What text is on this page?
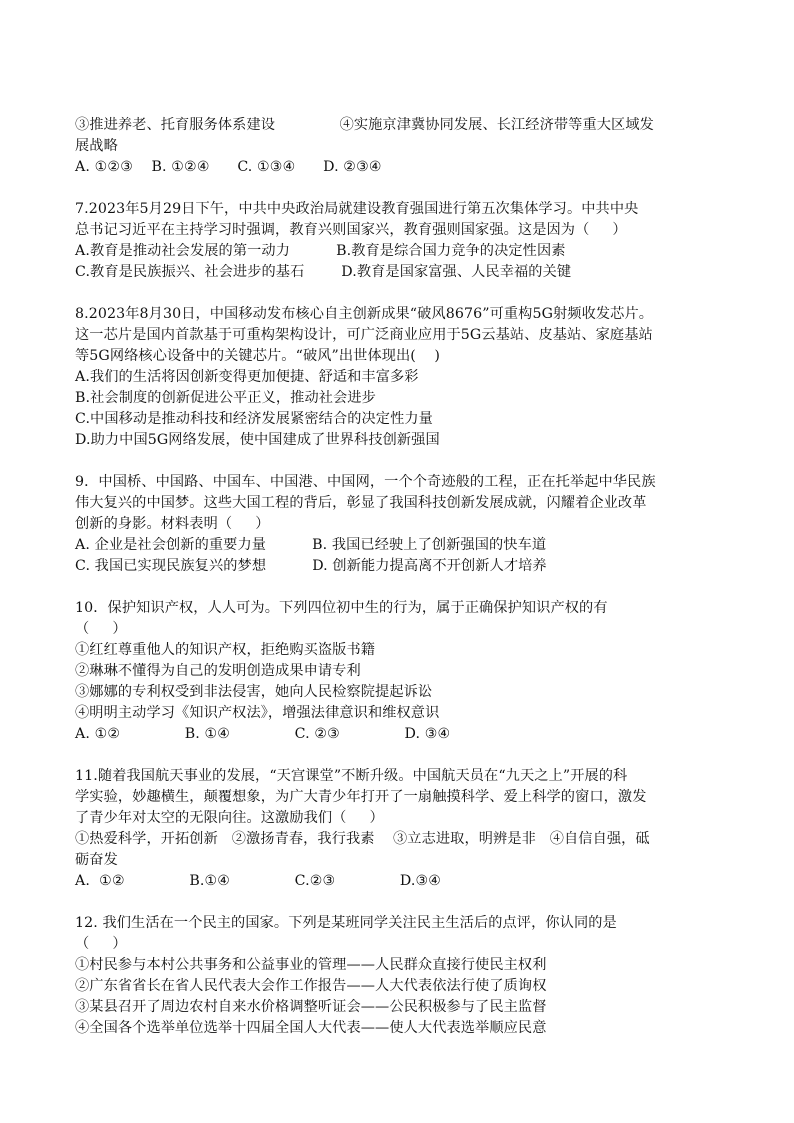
③推进养老、托育服务体系建设              ④实施京津冀协同发展、长江经济带等重大区域发
展战略
A. ①②③    B. ①②④      C. ①③④      D. ②③④
7.2023年5月29日下午，中共中央政治局就建设教育强国进行第五次集体学习。中共中央
总书记习近平在主持学习时强调，教育兴则国家兴，教育强则国家强。这是因为（     ）
A.教育是推动社会发展的第一动力          B.教育是综合国力竞争的决定性因素
C.教育是民族振兴、社会进步的基石        D.教育是国家富强、人民幸福的关键
8.2023年8月30日，中国移动发布核心自主创新成果“破风8676”可重构5G射频收发芯片。
这一芯片是国内首款基于可重构架构设计，可广泛商业应用于5G云基站、皮基站、家庭基站
等5G网络核心设备中的关键芯片。“破风”出世体现出(    )
A.我们的生活将因创新变得更加便捷、舒适和丰富多彩
B.社会制度的创新促进公平正义，推动社会进步
C.中国移动是推动科技和经济发展紧密结合的决定性力量
D.助力中国5G网络发展，使中国建成了世界科技创新强国
9．中国桥、中国路、中国车、中国港、中国网，一个个奇迹般的工程，正在托举起中华民族
伟大复兴的中国梦。这些大国工程的背后，彰显了我国科技创新发展成就，闪耀着企业改革
创新的身影。材料表明（     ）
A. 企业是社会创新的重要力量          B. 我国已经驶上了创新强国的快车道
C. 我国已实现民族复兴的梦想          D. 创新能力提高离不开创新人才培养
10．保护知识产权，人人可为。下列四位初中生的行为，属于正确保护知识产权的有
（     ）
①红红尊重他人的知识产权，拒绝购买盗版书籍
②琳琳不懂得为自己的发明创造成果申请专利
③娜娜的专利权受到非法侵害，她向人民检察院提起诉讼
④明明主动学习《知识产权法》，增强法律意识和维权意识
A. ①②              B. ①④              C. ②③              D. ③④
11.随着我国航天事业的发展，“天宫课堂”不断升级。中国航天员在“九天之上”开展的科
学实验，妙趣横生，颠覆想象，为广大青少年打开了一扇触摸科学、爱上科学的窗口，激发
了青少年对太空的无限向往。这激励我们（     ）
①热爱科学，开拓创新   ②激扬青春，我行我素    ③立志进取，明辨是非   ④自信自强，砥
砺奋发
A.  ①②              B.①④              C.②③              D.③④
12. 我们生活在一个民主的国家。下列是某班同学关注民主生活后的点评，你认同的是
（     ）
①村民参与本村公共事务和公益事业的管理——人民群众直接行使民主权利
②广东省省长在省人民代表大会作工作报告——人大代表依法行使了质询权
③某县召开了周边农村自来水价格调整听证会——公民积极参与了民主监督
④全国各个选举单位选举十四届全国人大代表——使人大代表选举顺应民意
